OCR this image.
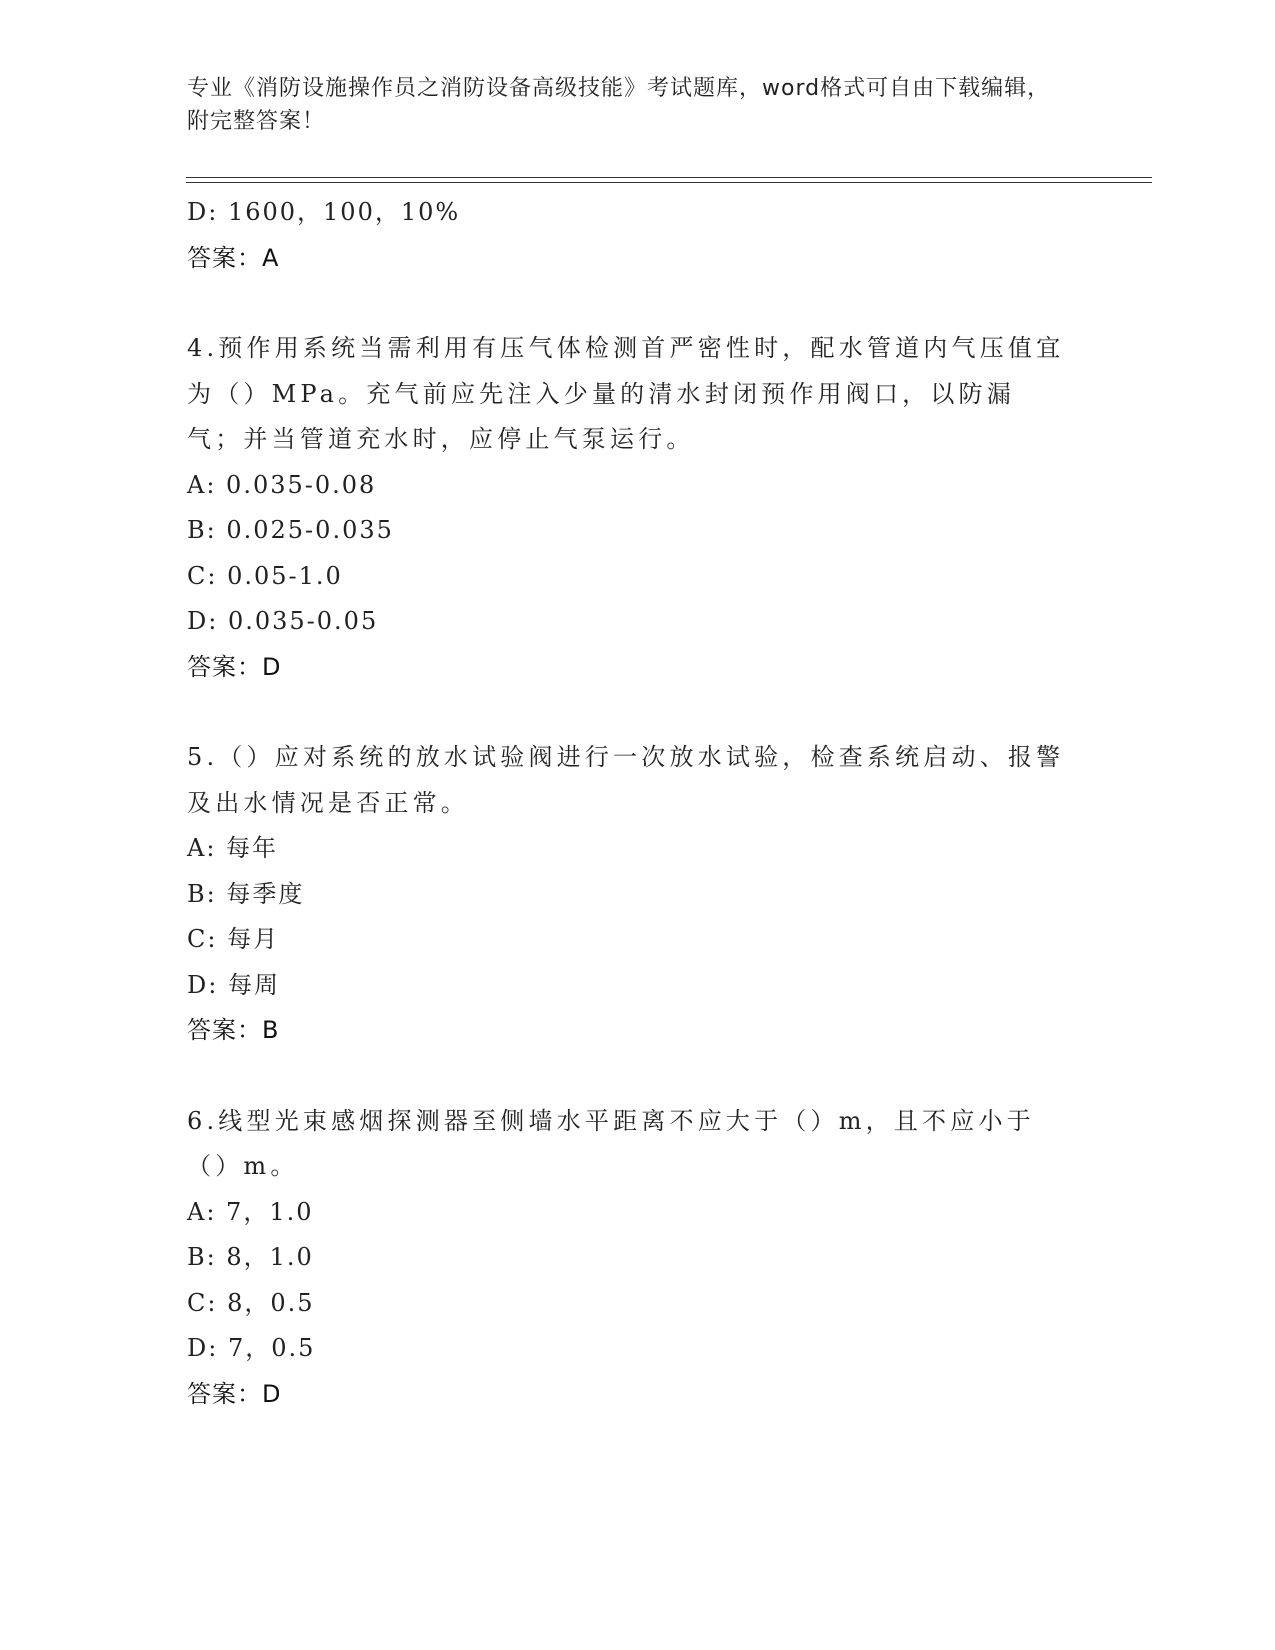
专业《消防设施操作员之消防设备高级技能》考试题库，word格式可自由下载编辑，附完整答案！
D: 1600，100，10%
答案：A
4.预作用系统当需利用有压气体检测首严密性时，配水管道内气压值宜为（）MPa。充气前应先注入少量的清水封闭预作用阀口，以防漏气；并当管道充水时，应停止气泵运行。
A: 0.035-0.08
B: 0.025-0.035
C: 0.05-1.0
D: 0.035-0.05
答案：D
5.（）应对系统的放水试验阀进行一次放水试验，检查系统启动、报警及出水情况是否正常。
A: 每年
B: 每季度
C: 每月
D: 每周
答案：B
6.线型光束感烟探测器至侧墙水平距离不应大于（）m，且不应小于（）m。
A: 7，1.0
B: 8，1.0
C: 8，0.5
D: 7，0.5
答案：D
